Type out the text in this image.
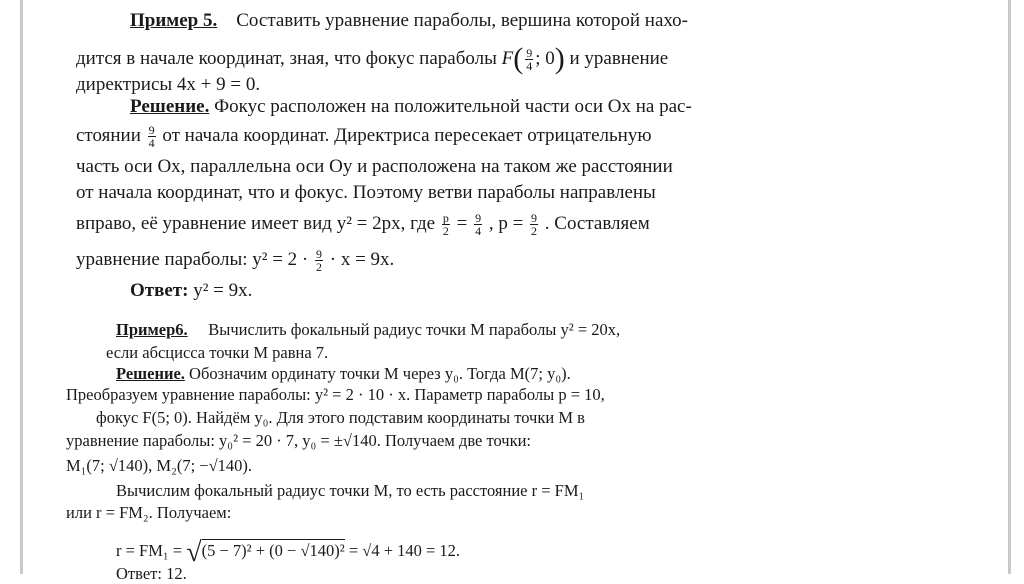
Пример 5. Составить уравнение параболы, вершина которой нахо-
дится в начале координат, зная, что фокус параболы $F( \frac{9}{4}$ ; 0) и уравнение
директрисы 4x + 9 = 0.
Решение. Фокус расположен на положительной части оси Ox на рас-
стоянии $\frac{9}{4}$ от начала координат. Директриса пересекает отрицательную
часть оси Ox, параллельна оси Oy и расположена на таком же расстоянии
от начала координат, что и фокус. Поэтому ветви параболы направлены
вправо, её уравнение имеет вид y² = 2px, где $\frac{p}{2} = \frac{9}{4}$ , $p = \frac{9}{2}$ . Составляем
уравнение параболы: $y^2 = 2 \cdot \frac{9}{2} \cdot x = 9x$.
Ответ: y² = 9x.
Пример6. Вычислить фокальный радиус точки M параболы y² = 20x,
если абсцисса точки M равна 7.
Решение. Обозначим ординату точки M через y₀. Тогда M(7; y₀).
Преобразуем уравнение параболы: y² = 2 · 10 · x. Параметр параболы p = 10,
фокус F(5; 0). Найдём y₀. Для этого подставим координаты точки M в
уравнение параболы: y₀² = 20 · 7, y₀ = ±√140. Получаем две точки:
M₁(7; √140), M₂(7; −√140).
Вычислим фокальный радиус точки M, то есть расстояние r = FM₁
или r = FM₂. Получаем:
r = FM₁ = √(5 − 7)² + (0 − √140)² = √4 + 140 = 12.
Ответ: 12.
